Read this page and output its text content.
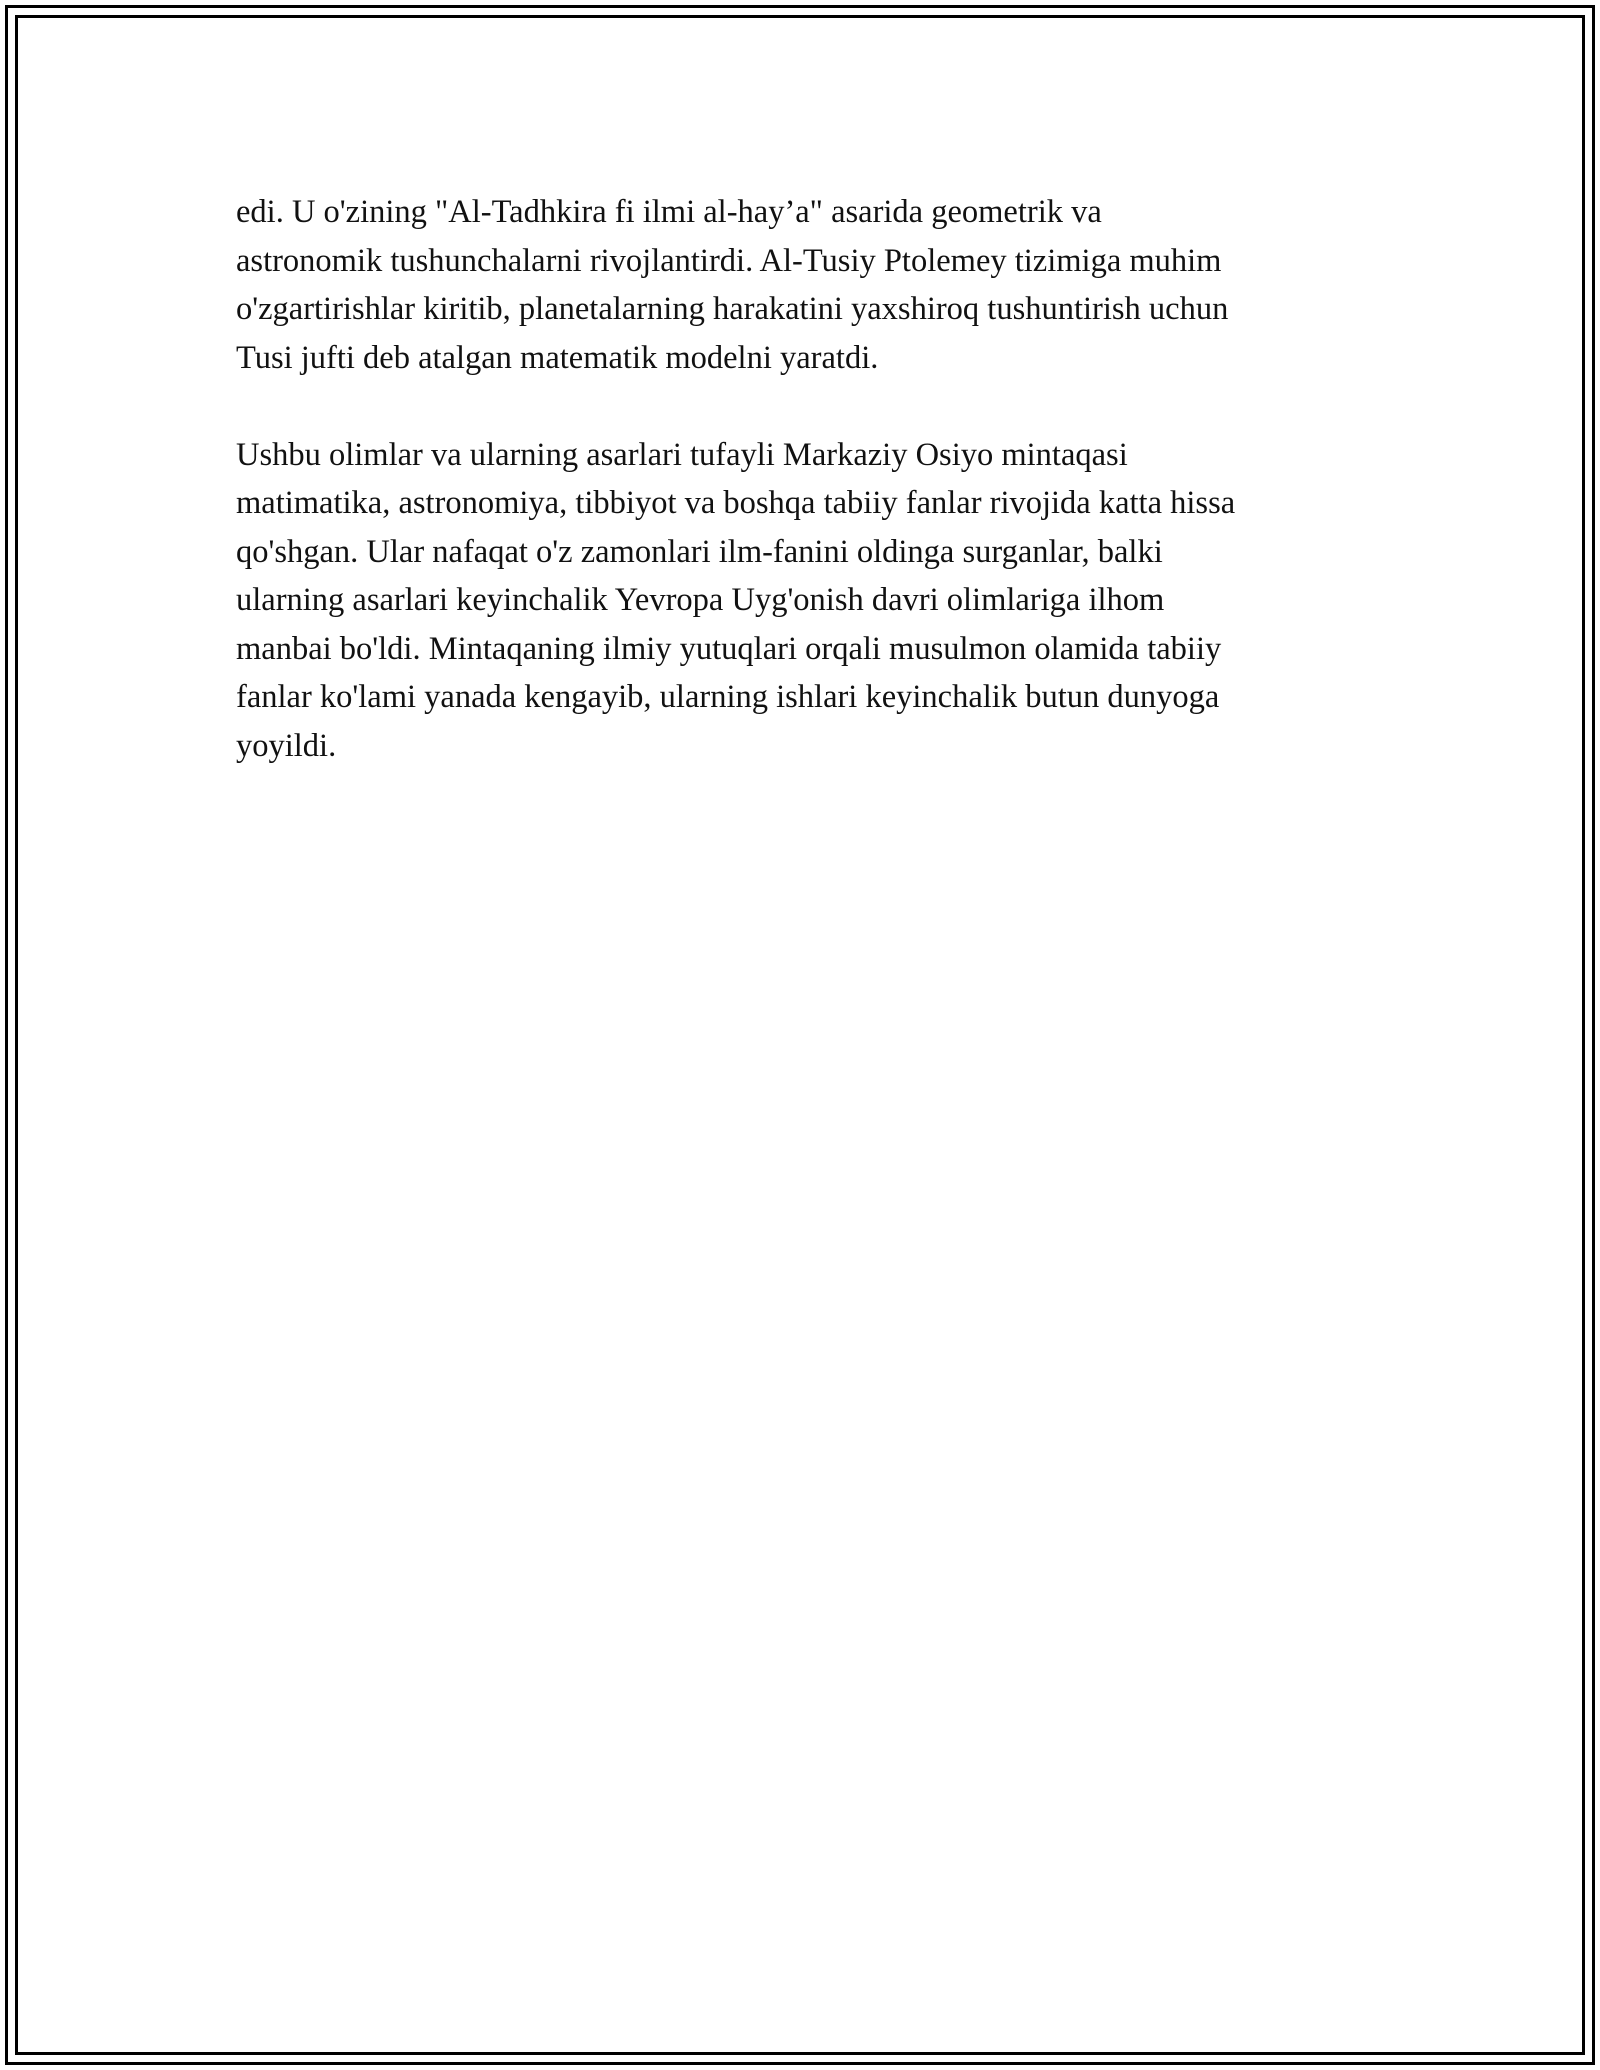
edi. U o'zining "Al-Tadhkira fi ilmi al-hay’a" asarida geometrik va
astronomik tushunchalarni rivojlantirdi. Al-Tusiy Ptolemey tizimiga muhim
o'zgartirishlar kiritib, planetalarning harakatini yaxshiroq tushuntirish uchun
Tusi jufti deb atalgan matematik modelni yaratdi.

Ushbu olimlar va ularning asarlari tufayli Markaziy Osiyo mintaqasi
matimatika, astronomiya, tibbiyot va boshqa tabiiy fanlar rivojida katta hissa
qo'shgan. Ular nafaqat o'z zamonlari ilm-fanini oldinga surganlar, balki
ularning asarlari keyinchalik Yevropa Uyg'onish davri olimlariga ilhom
manbai bo'ldi. Mintaqaning ilmiy yutuqlari orqali musulmon olamida tabiiy
fanlar ko'lami yanada kengayib, ularning ishlari keyinchalik butun dunyoga
yoyildi.
